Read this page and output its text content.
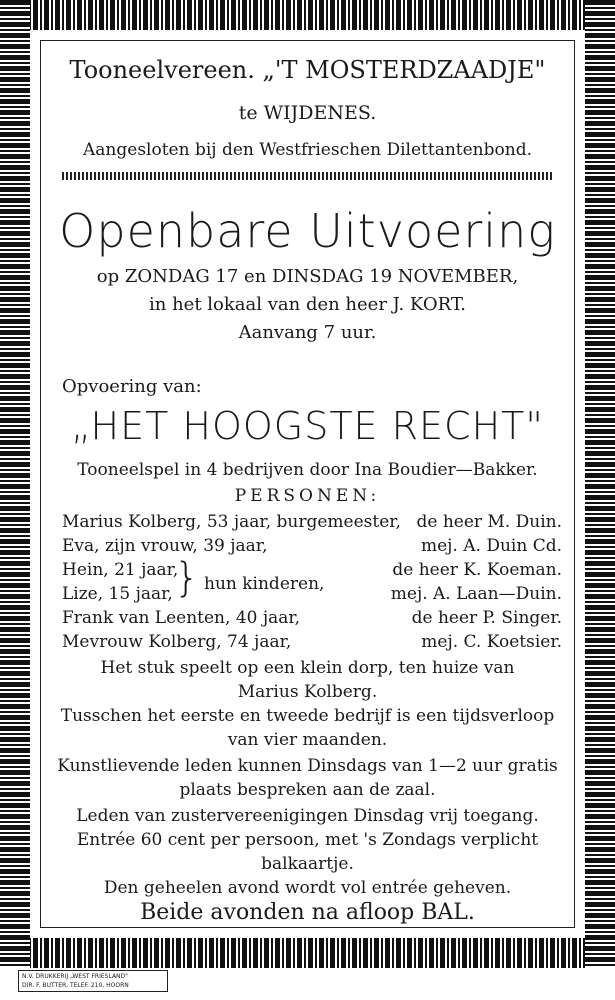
Tooneelvereen. „'T MOSTERDZAADJE"
te WIJDENES.
Aangesloten bij den Westfrieschen Dilettantenbond.
Openbare Uitvoering
op ZONDAG 17 en DINSDAG 19 NOVEMBER,
in het lokaal van den heer J. KORT.
Aanvang 7 uur.
Opvoering van:
„HET HOOGSTE RECHT"
Tooneelspel in 4 bedrijven door Ina Boudier—Bakker.
PERSONEN:
Marius Kolberg, 53 jaar, burgemeester, de heer M. Duin.
Eva, zijn vrouw, 39 jaar,	mej. A. Duin Cd.
Hein, 21 jaar,	de heer K. Koeman.
Lize, 15 jaar,	mej. A. Laan—Duin.
} hun kinderen,
Frank van Leenten, 40 jaar,	de heer P. Singer.
Mevrouw Kolberg, 74 jaar,	mej. C. Koetsier.
Het stuk speelt op een klein dorp, ten huize van
Marius Kolberg.
Tusschen het eerste en tweede bedrijf is een tijdsverloop
van vier maanden.
Kunstlievende leden kunnen Dinsdags van 1—2 uur gratis
plaats bespreken aan de zaal.
Leden van zustervereenigingen Dinsdag vrij toegang.
Entrée 60 cent per persoon, met 's Zondags verplicht
balkaartje.
Beide avonden na afloop BAL.
Den geheelen avond wordt vol entrée geheven.
N.V. DRUKKERIJ „WEST FRIESLAND"
DIR. F. BUTTER, TELEF. 210, HOORN
